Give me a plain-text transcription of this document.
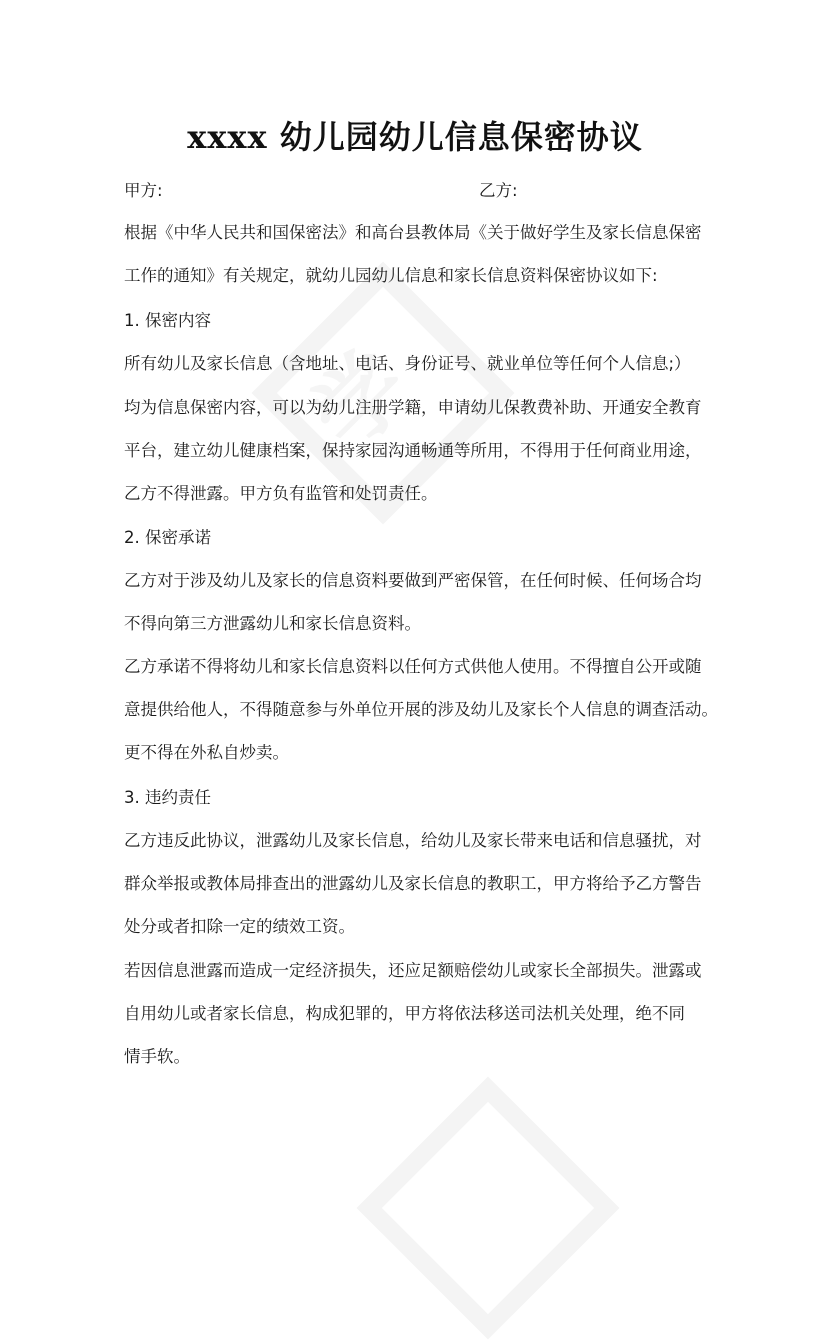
xxxx 幼儿园幼儿信息保密协议
甲方:	乙方:
根据《中华人民共和国保密法》和高台县教体局《关于做好学生及家长信息保密
工作的通知》有关规定，就幼儿园幼儿信息和家长信息资料保密协议如下:
1. 保密内容
所有幼儿及家长信息（含地址、电话、身份证号、就业单位等任何个人信息;）
均为信息保密内容，可以为幼儿注册学籍，申请幼儿保教费补助、开通安全教育
平台，建立幼儿健康档案，保持家园沟通畅通等所用，不得用于任何商业用途，
乙方不得泄露。甲方负有监管和处罚责任。
2. 保密承诺
乙方对于涉及幼儿及家长的信息资料要做到严密保管，在任何时候、任何场合均
不得向第三方泄露幼儿和家长信息资料。
乙方承诺不得将幼儿和家长信息资料以任何方式供他人使用。不得擅自公开或随
意提供给他人，不得随意参与外单位开展的涉及幼儿及家长个人信息的调查活动。
更不得在外私自炒卖。
3. 违约责任
乙方违反此协议，泄露幼儿及家长信息，给幼儿及家长带来电话和信息骚扰，对
群众举报或教体局排查出的泄露幼儿及家长信息的教职工，甲方将给予乙方警告
处分或者扣除一定的绩效工资。
若因信息泄露而造成一定经济损失，还应足额赔偿幼儿或家长全部损失。泄露或
自用幼儿或者家长信息，构成犯罪的，甲方将依法移送司法机关处理，绝不同
情手软。
